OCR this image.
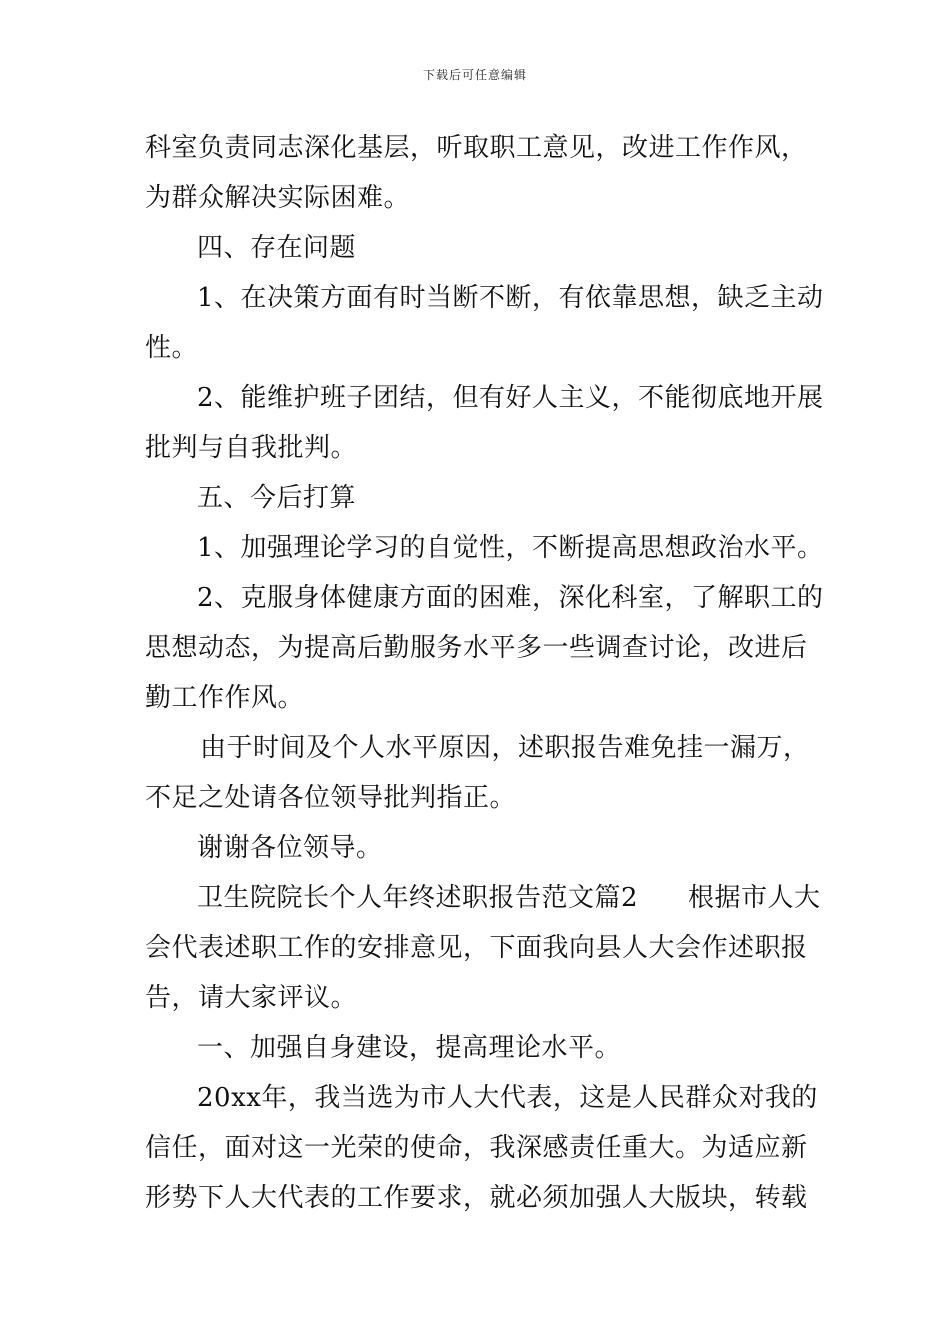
下载后可任意编辑
科室负责同志深化基层，听取职工意见，改进工作作风，
为群众解决实际困难。
四、存在问题
1、在决策方面有时当断不断，有依靠思想，缺乏主动
性。
2、能维护班子团结，但有好人主义，不能彻底地开展
批判与自我批判。
五、今后打算
1、加强理论学习的自觉性，不断提高思想政治水平。
2、克服身体健康方面的困难，深化科室，了解职工的
思想动态，为提高后勤服务水平多一些调查讨论，改进后
勤工作作风。
由于时间及个人水平原因，述职报告难免挂一漏万，
不足之处请各位领导批判指正。
谢谢各位领导。
卫生院院长个人年终述职报告范文篇2 根据市人大
会代表述职工作的安排意见，下面我向县人大会作述职报
告，请大家评议。
一、加强自身建设，提高理论水平。
20xx年，我当选为市人大代表，这是人民群众对我的
信任，面对这一光荣的使命，我深感责任重大。为适应新
形势下人大代表的工作要求，就必须加强人大版块，转载
